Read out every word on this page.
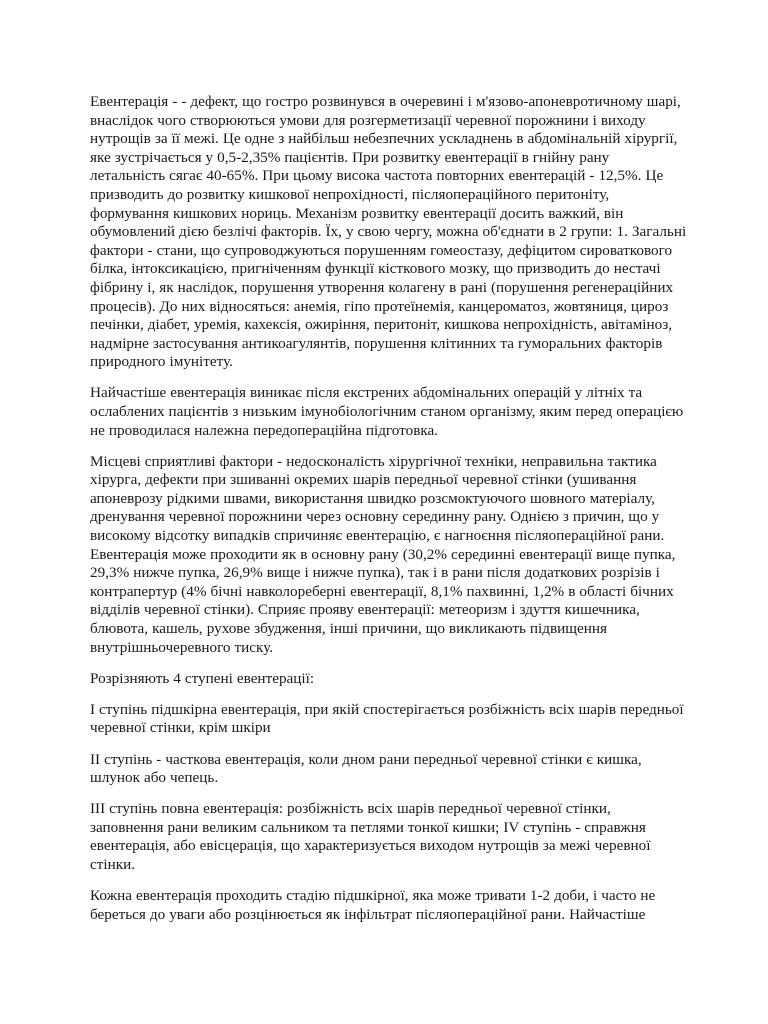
Евентерація - - дефект, що гостро розвинувся в очеревині і м'язово-апоневротичному шарі, внаслідок чого створюються умови для розгерметизації черевної порожнини і виходу нутрощів за її межі. Це одне з найбільш небезпечних ускладнень в абдомінальній хірургії, яке зустрічається у 0,5-2,35% пацієнтів. При розвитку евентерації в гнійну рану летальність сягає 40-65%. При цьому висока частота повторних евентерацій - 12,5%. Це призводить до розвитку кишкової непрохідності, післяопераційного перитоніту, формування кишкових нориць. Механізм розвитку евентерації досить важкий, він обумовлений дією безлічі факторів. Їх, у свою чергу, можна об'єднати в 2 групи: 1. Загальні фактори - стани, що супроводжуються порушенням гомеостазу, дефіцитом сироваткового білка, інтоксикацією, пригніченням функції кісткового мозку, що призводить до нестачі фібрину і, як наслідок, порушення утворення колагену в рані (порушення регенераційних процесів). До них відносяться: анемія, гіпо протеїнемія, канцероматоз, жовтяниця, цироз печінки, діабет, уремія, кахексія, ожиріння, перитоніт, кишкова непрохідність, авітаміноз, надмірне застосування антикоагулянтів, порушення клітинних та гуморальних факторів природного імунітету.

Найчастіше евентерація виникає після екстрених абдомінальних операцій у літніх та ослаблених пацієнтів з низьким імунобіологічним станом організму, яким перед операцією не проводилася належна передопераційна підготовка.

Місцеві сприятливі фактори - недосконалість хірургічної техніки, неправильна тактика хірурга, дефекти при зшиванні окремих шарів передньої черевної стінки (ушивання апоневрозу рідкими швами, використання швидко розсмоктуючого шовного матеріалу, дренування черевної порожнини через основну серединну рану. Однією з причин, що у високому відсотку випадків спричиняє евентерацію, є нагноєння післяопераційної рани. Евентерація може проходити як в основну рану (30,2% серединні евентерації вище пупка, 29,3% нижче пупка, 26,9% вище і нижче пупка), так і в рани після додаткових розрізів і контрапертур (4% бічні навколореберні евентерації, 8,1% пахвинні, 1,2% в області бічних відділів черевної стінки). Сприяє прояву евентерації: метеоризм і здуття кишечника, блювота, кашель, рухове збудження, інші причини, що викликають підвищення внутрішньочеревного тиску.

Розрізняють 4 ступені евентерації:

I ступінь підшкірна евентерація, при якій спостерігається розбіжність всіх шарів передньої черевної стінки, крім шкіри

II ступінь - часткова евентерація, коли дном рани передньої черевної стінки є кишка, шлунок або чепець.

III ступінь повна евентерація: розбіжність всіх шарів передньої черевної стінки, заповнення рани великим сальником та петлями тонкої кишки; IV ступінь - справжня евентерація, або евісцерація, що характеризується виходом нутрощів за межі черевної стінки.

Кожна евентерація проходить стадію підшкірної, яка може тривати 1-2 доби, і часто не береться до уваги або розцінюється як інфільтрат післяопераційної рани. Найчастіше
